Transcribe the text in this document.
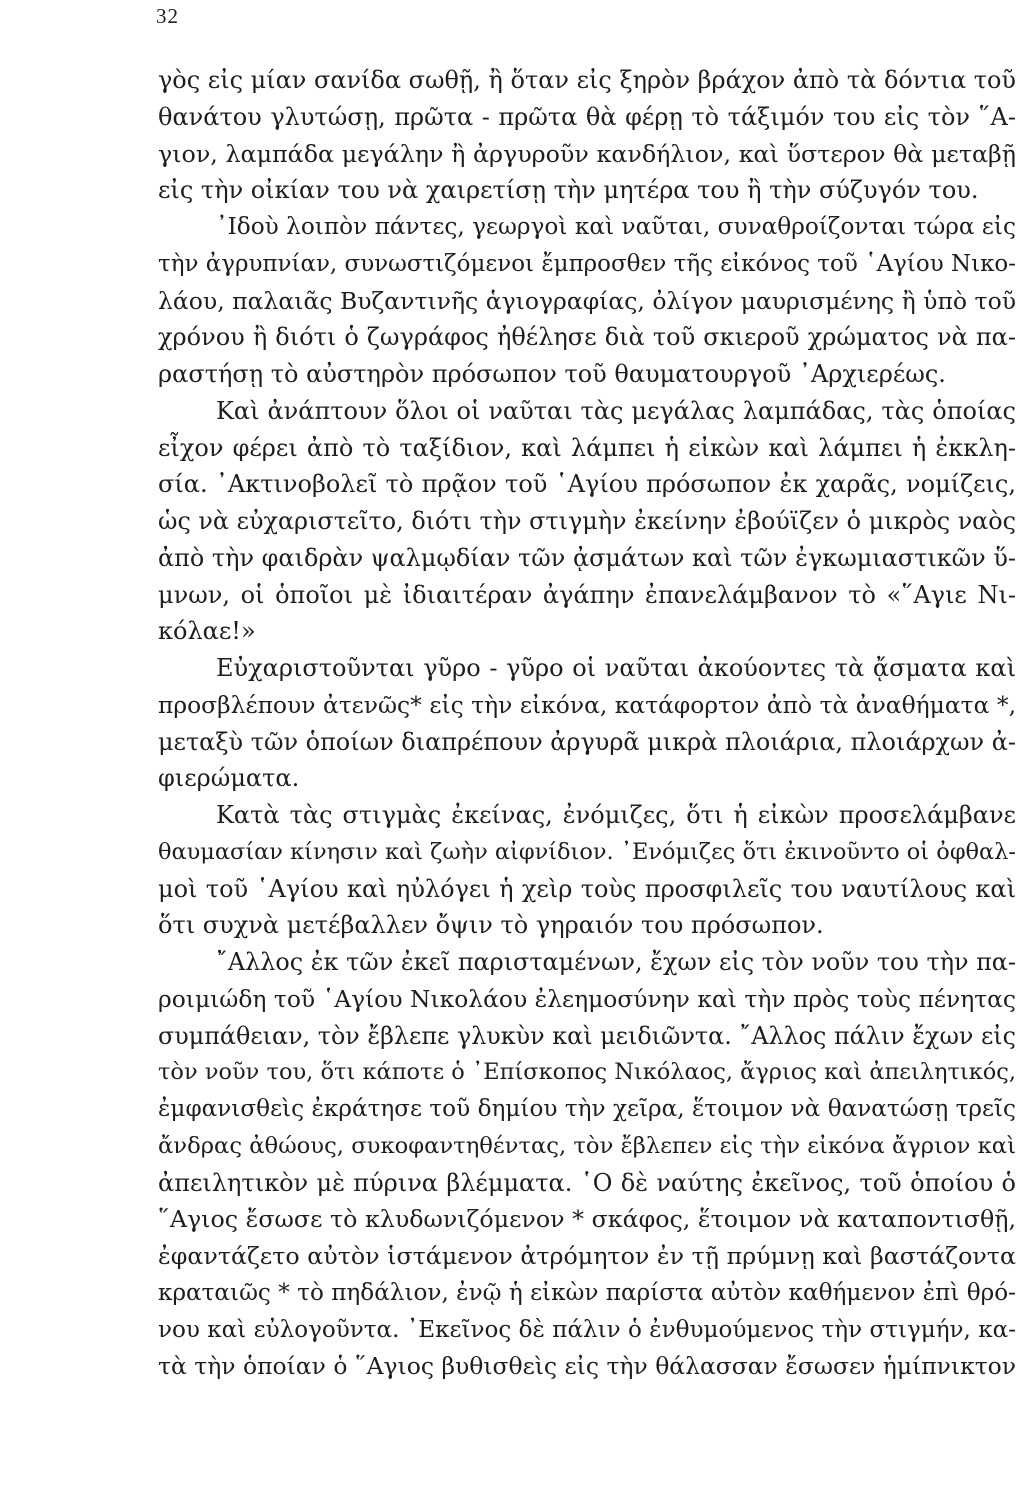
32
γὸς εἰς μίαν σανίδα σωθῇ, ἢ ὅταν εἰς ξηρὸν βράχον ἀπὸ τὰ δόντια τοῦ
θανάτου γλυτώσῃ, πρῶτα - πρῶτα θὰ φέρῃ τὸ τάξιμόν του εἰς τὸν ῞Α-
γιον, λαμπάδα μεγάλην ἢ ἀργυροῦν κανδήλιον, καὶ ὕστερον θὰ μεταβῇ
εἰς τὴν οἰκίαν του νὰ χαιρετίσῃ τὴν μητέρα του ἢ τὴν σύζυγόν του.
᾿Ιδοὺ λοιπὸν πάντες, γεωργοὶ καὶ ναῦται, συναθροίζονται τώρα εἰς
τὴν ἀγρυπνίαν, συνωστιζόμενοι ἔμπροσθεν τῆς εἰκόνος τοῦ ῾Αγίου Νικο-
λάου, παλαιᾶς Βυζαντινῆς ἁγιογραφίας, ὀλίγον μαυρισμένης ἢ ὑπὸ τοῦ
χρόνου ἢ διότι ὁ ζωγράφος ἠθέλησε διὰ τοῦ σκιεροῦ χρώματος νὰ πα-
ραστήσῃ τὸ αὐστηρὸν πρόσωπον τοῦ θαυματουργοῦ ᾿Αρχιερέως.
Καὶ ἀνάπτουν ὅλοι οἱ ναῦται τὰς μεγάλας λαμπάδας, τὰς ὁποίας
εἶχον φέρει ἀπὸ τὸ ταξίδιον, καὶ λάμπει ἡ εἰκὼν καὶ λάμπει ἡ ἐκκλη-
σία. ᾿Ακτινοβολεῖ τὸ πρᾷον τοῦ ῾Αγίου πρόσωπον ἐκ χαρᾶς, νομίζεις,
ὡς νὰ εὐχαριστεῖτο, διότι τὴν στιγμὴν ἐκείνην ἐβούϊζεν ὁ μικρὸς ναὸς
ἀπὸ τὴν φαιδρὰν ψαλμῳδίαν τῶν ᾀσμάτων καὶ τῶν ἐγκωμιαστικῶν ὕ-
μνων, οἱ ὁποῖοι μὲ ἰδιαιτέραν ἀγάπην ἐπανελάμβανον τὸ «῞Αγιε Νι-
κόλαε!»
Εὐχαριστοῦνται γῦρο - γῦρο οἱ ναῦται ἀκούοντες τὰ ᾄσματα καὶ
προσβλέπουν ἀτενῶς* εἰς τὴν εἰκόνα, κατάφορτον ἀπὸ τὰ ἀναθήματα *,
μεταξὺ τῶν ὁποίων διαπρέπουν ἀργυρᾶ μικρὰ πλοιάρια, πλοιάρχων ἀ-
φιερώματα.
Κατὰ τὰς στιγμὰς ἐκείνας, ἐνόμιζες, ὅτι ἡ εἰκὼν προσελάμβανε
θαυμασίαν κίνησιν καὶ ζωὴν αἰφνίδιον. ᾿Ενόμιζες ὅτι ἐκινοῦντο οἱ ὀφθαλ-
μοὶ τοῦ ῾Αγίου καὶ ηὐλόγει ἡ χεὶρ τοὺς προσφιλεῖς του ναυτίλους καὶ
ὅτι συχνὰ μετέβαλλεν ὄψιν τὸ γηραιόν του πρόσωπον.
῎Αλλος ἐκ τῶν ἐκεῖ παρισταμένων, ἔχων εἰς τὸν νοῦν του τὴν πα-
ροιμιώδη τοῦ ῾Αγίου Νικολάου ἐλεημοσύνην καὶ τὴν πρὸς τοὺς πένητας
συμπάθειαν, τὸν ἔβλεπε γλυκὺν καὶ μειδιῶντα. ῎Αλλος πάλιν ἔχων εἰς
τὸν νοῦν του, ὅτι κάποτε ὁ ᾿Επίσκοπος Νικόλαος, ἄγριος καὶ ἀπειλητικός,
ἐμφανισθεὶς ἐκράτησε τοῦ δημίου τὴν χεῖρα, ἕτοιμον νὰ θανατώσῃ τρεῖς
ἄνδρας ἀθώους, συκοφαντηθέντας, τὸν ἔβλεπεν εἰς τὴν εἰκόνα ἄγριον καὶ
ἀπειλητικὸν μὲ πύρινα βλέμματα. ῾Ο δὲ ναύτης ἐκεῖνος, τοῦ ὁποίου ὁ
῞Αγιος ἔσωσε τὸ κλυδωνιζόμενον * σκάφος, ἕτοιμον νὰ καταποντισθῇ,
ἐφαντάζετο αὐτὸν ἱστάμενον ἀτρόμητον ἐν τῇ πρύμνῃ καὶ βαστάζοντα
κραταιῶς * τὸ πηδάλιον, ἐνῷ ἡ εἰκὼν παρίστα αὐτὸν καθήμενον ἐπὶ θρό-
νου καὶ εὐλογοῦντα. ᾿Εκεῖνος δὲ πάλιν ὁ ἐνθυμούμενος τὴν στιγμήν, κα-
τὰ τὴν ὁποίαν ὁ ῞Αγιος βυθισθεὶς εἰς τὴν θάλασσαν ἔσωσεν ἡμίπνικτον
